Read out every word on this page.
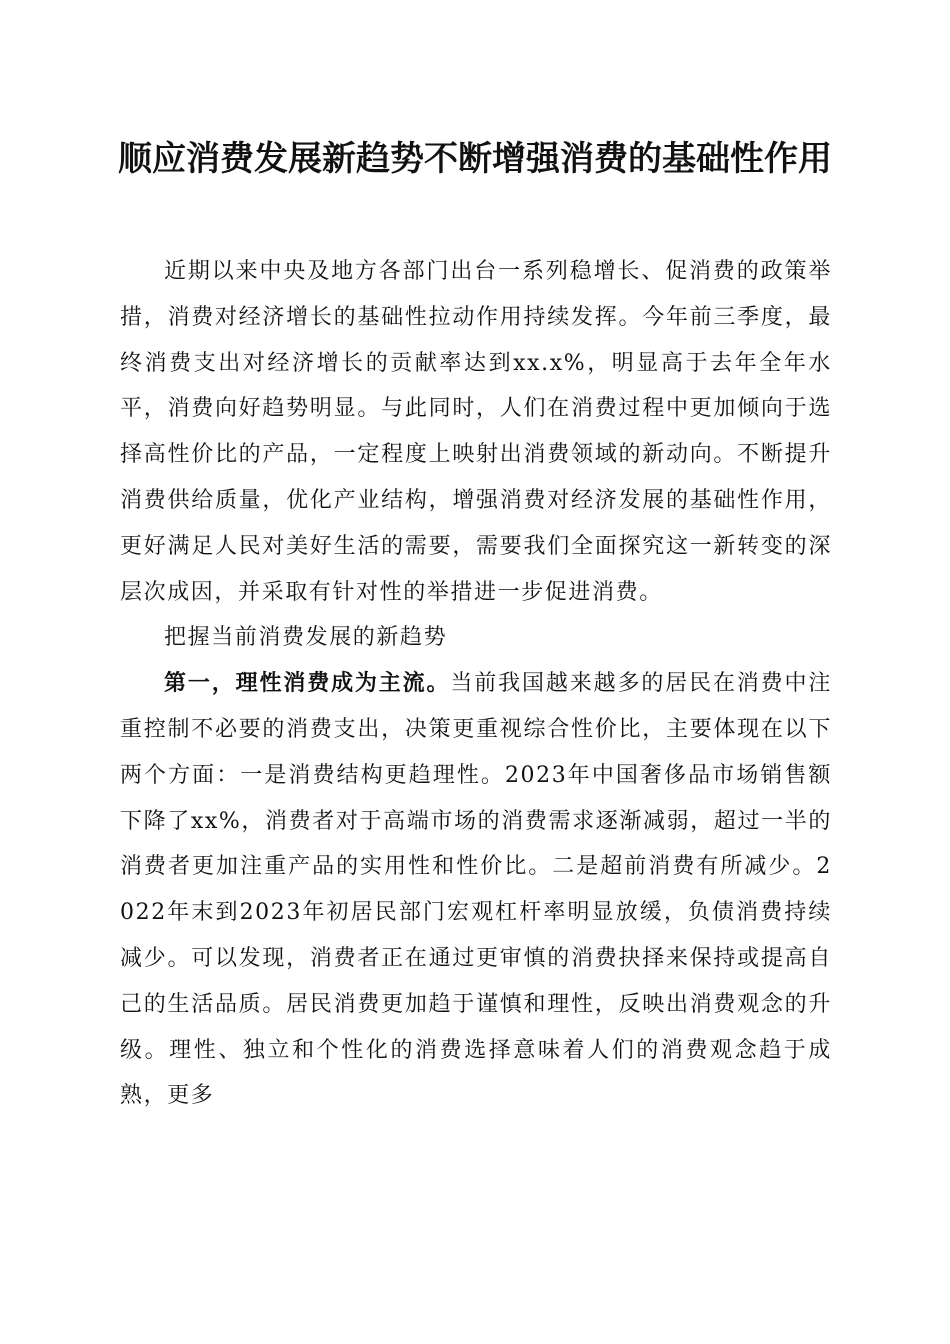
顺应消费发展新趋势不断增强消费的基础性作用

近期以来中央及地方各部门出台一系列稳增长、促消费的政策举措，消费对经济增长的基础性拉动作用持续发挥。今年前三季度，最终消费支出对经济增长的贡献率达到xx.x%，明显高于去年全年水平，消费向好趋势明显。与此同时，人们在消费过程中更加倾向于选择高性价比的产品，一定程度上映射出消费领域的新动向。不断提升消费供给质量，优化产业结构，增强消费对经济发展的基础性作用，更好满足人民对美好生活的需要，需要我们全面探究这一新转变的深层次成因，并采取有针对性的举措进一步促进消费。

把握当前消费发展的新趋势

第一，理性消费成为主流。当前我国越来越多的居民在消费中注重控制不必要的消费支出，决策更重视综合性价比，主要体现在以下两个方面：一是消费结构更趋理性。2023年中国奢侈品市场销售额下降了xx%，消费者对于高端市场的消费需求逐渐减弱，超过一半的消费者更加注重产品的实用性和性价比。二是超前消费有所减少。2022年末到2023年初居民部门宏观杠杆率明显放缓，负债消费持续减少。可以发现，消费者正在通过更审慎的消费抉择来保持或提高自己的生活品质。居民消费更加趋于谨慎和理性，反映出消费观念的升级。理性、独立和个性化的消费选择意味着人们的消费观念趋于成熟，更多
